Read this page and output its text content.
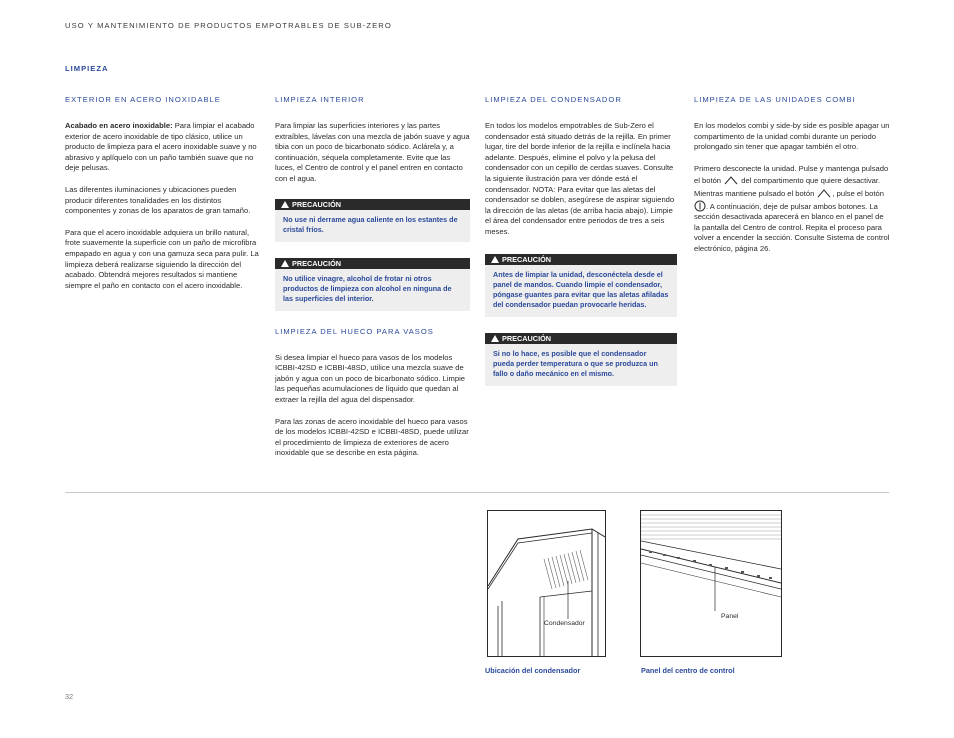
USO Y MANTENIMIENTO DE PRODUCTOS EMPOTRABLES DE SUB-ZERO
LIMPIEZA
EXTERIOR EN ACERO INOXIDABLE

Acabado en acero inoxidable: Para limpiar el acabado exterior de acero inoxidable de tipo clásico, utilice un producto de limpieza para el acero inoxidable suave y no abrasivo y aplíquelo con un paño también suave que no deje pelusas.

Las diferentes iluminaciones y ubicaciones pueden producir diferentes tonalidades en los distintos componentes y zonas de los aparatos de gran tamaño.

Para que el acero inoxidable adquiera un brillo natural, frote suavemente la superficie con un paño de microfibra empapado en agua y con una gamuza seca para pulir. La limpieza deberá realizarse siguiendo la dirección del acabado. Obtendrá mejores resultados si mantiene siempre el paño en contacto con el acero inoxidable.

LIMPIEZA INTERIOR

Para limpiar las superficies interiores y las partes extraíbles, lávelas con una mezcla de jabón suave y agua tibia con un poco de bicarbonato sódico. Aclárela y, a continuación, séquela completamente. Evite que las luces, el Centro de control y el panel entren en contacto con el agua.

PRECAUCIÓN
No use ni derrame agua caliente en los estantes de cristal fríos.
PRECAUCIÓN
No utilice vinagre, alcohol de frotar ni otros productos de limpieza con alcohol en ninguna de las superficies del interior.
LIMPIEZA DEL HUECO PARA VASOS

Si desea limpiar el hueco para vasos de los modelos ICBBI-42SD e ICBBI-48SD, utilice una mezcla suave de jabón y agua con un poco de bicarbonato sódico. Limpie las pequeñas acumulaciones de líquido que quedan al extraer la rejilla del agua del dispensador.

Para las zonas de acero inoxidable del hueco para vasos de los modelos ICBBI-42SD e ICBBI-48SD, puede utilizar el procedimiento de limpieza de exteriores de acero inoxidable que se describe en esta página.

LIMPIEZA DEL CONDENSADOR

En todos los modelos empotrables de Sub-Zero el condensador está situado detrás de la rejilla. En primer lugar, tire del borde inferior de la rejilla e inclínela hacia adelante. Después, elimine el polvo y la pelusa del condensador con un cepillo de cerdas suaves. Consulte la siguiente ilustración para ver dónde está el condensador. NOTA: Para evitar que las aletas del condensador se doblen, asegúrese de aspirar siguiendo la dirección de las aletas (de arriba hacia abajo). Limpie el área del condensador entre periodos de tres a seis meses.

PRECAUCIÓN
Antes de limpiar la unidad, desconéctela desde el panel de mandos. Cuando limpie el condensador, póngase guantes para evitar que las aletas afiladas del condensador puedan provocarle heridas.
PRECAUCIÓN
Si no lo hace, es posible que el condensador pueda perder temperatura o que se produzca un fallo o daño mecánico en el mismo.
LIMPIEZA DE LAS UNIDADES COMBI

En los modelos combi y side-by side es posible apagar un compartimento de la unidad combi durante un periodo prolongado sin tener que apagar también el otro.

Primero desconecte la unidad. Pulse y mantenga pulsado el botón  del compartimento que quiere desactivar. Mientras mantiene pulsado el botón , pulse el botón . A continuación, deje de pulsar ambos botones. La sección desactivada aparecerá en blanco en el panel de la pantalla del Centro de control. Repita el proceso para volver a encender la sección. Consulte Sistema de control electrónico, página 26.

Condensador
Ubicación del condensador
Panel
Panel del centro de control
32
